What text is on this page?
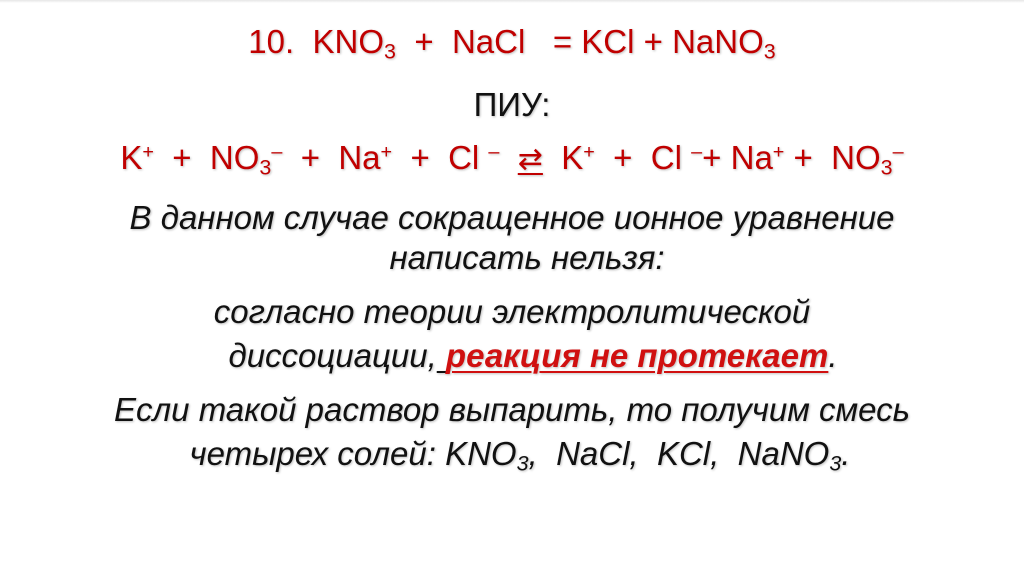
10. $KNO_3$ + NaCl = KCl + NaNO$_3$
ПИУ:
$K^+ + NO_3^- + Na^+ + Cl$ – ⇄ K+ + Cl $^-+ Na^+ + NO_3^-$
В данном случае сокращенное ионное уравнение
написать нельзя:
согласно теории электролитической
диссоциации, реакция не протекает.
Если такой раствор выпарить, то получим смесь
четырех солей: $KNO_3$, NaCl, KCl, NaNO$_3$.
